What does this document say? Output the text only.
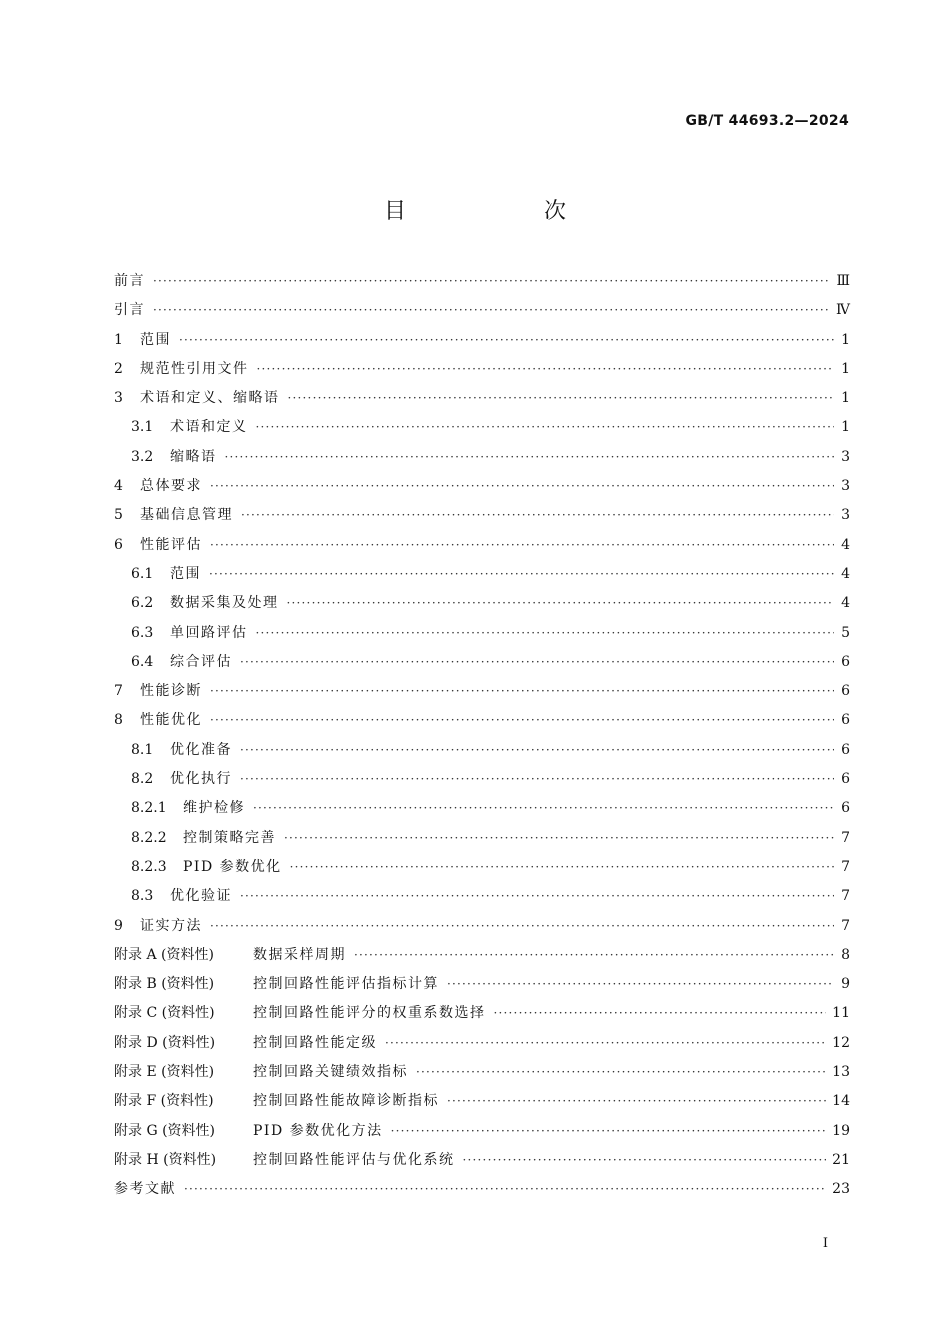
GB/T 44693.2—2024
目　次
前言 ·····	Ⅲ
引言 ·····	Ⅳ
1	范围 ·····	1
2	规范性引用文件 ·····	1
3	术语和定义、缩略语 ·····	1
3.1	术语和定义 ·····	1
3.2	缩略语 ·····	3
4	总体要求 ·····	3
5	基础信息管理 ·····	3
6	性能评估 ·····	4
6.1	范围 ·····	4
6.2	数据采集及处理 ·····	4
6.3	单回路评估 ·····	5
6.4	综合评估 ·····	6
7	性能诊断 ·····	6
8	性能优化 ·····	6
8.1	优化准备 ·····	6
8.2	优化执行 ·····	6
8.2.1	维护检修 ·····	6
8.2.2	控制策略完善 ·····	7
8.2.3	PID 参数优化 ·····	7
8.3	优化验证 ·····	7
9	证实方法 ·····	7
附录 A (资料性)	数据采样周期 ·····	8
附录 B (资料性)	控制回路性能评估指标计算 ·····	9
附录 C (资料性)	控制回路性能评分的权重系数选择 ·····	11
附录 D (资料性)	控制回路性能定级 ·····	12
附录 E (资料性)	控制回路关键绩效指标 ·····	13
附录 F (资料性)	控制回路性能故障诊断指标 ·····	14
附录 G (资料性)	PID 参数优化方法 ·····	19
附录 H (资料性)	控制回路性能评估与优化系统 ·····	21
参考文献 ·····	23
Ⅰ
